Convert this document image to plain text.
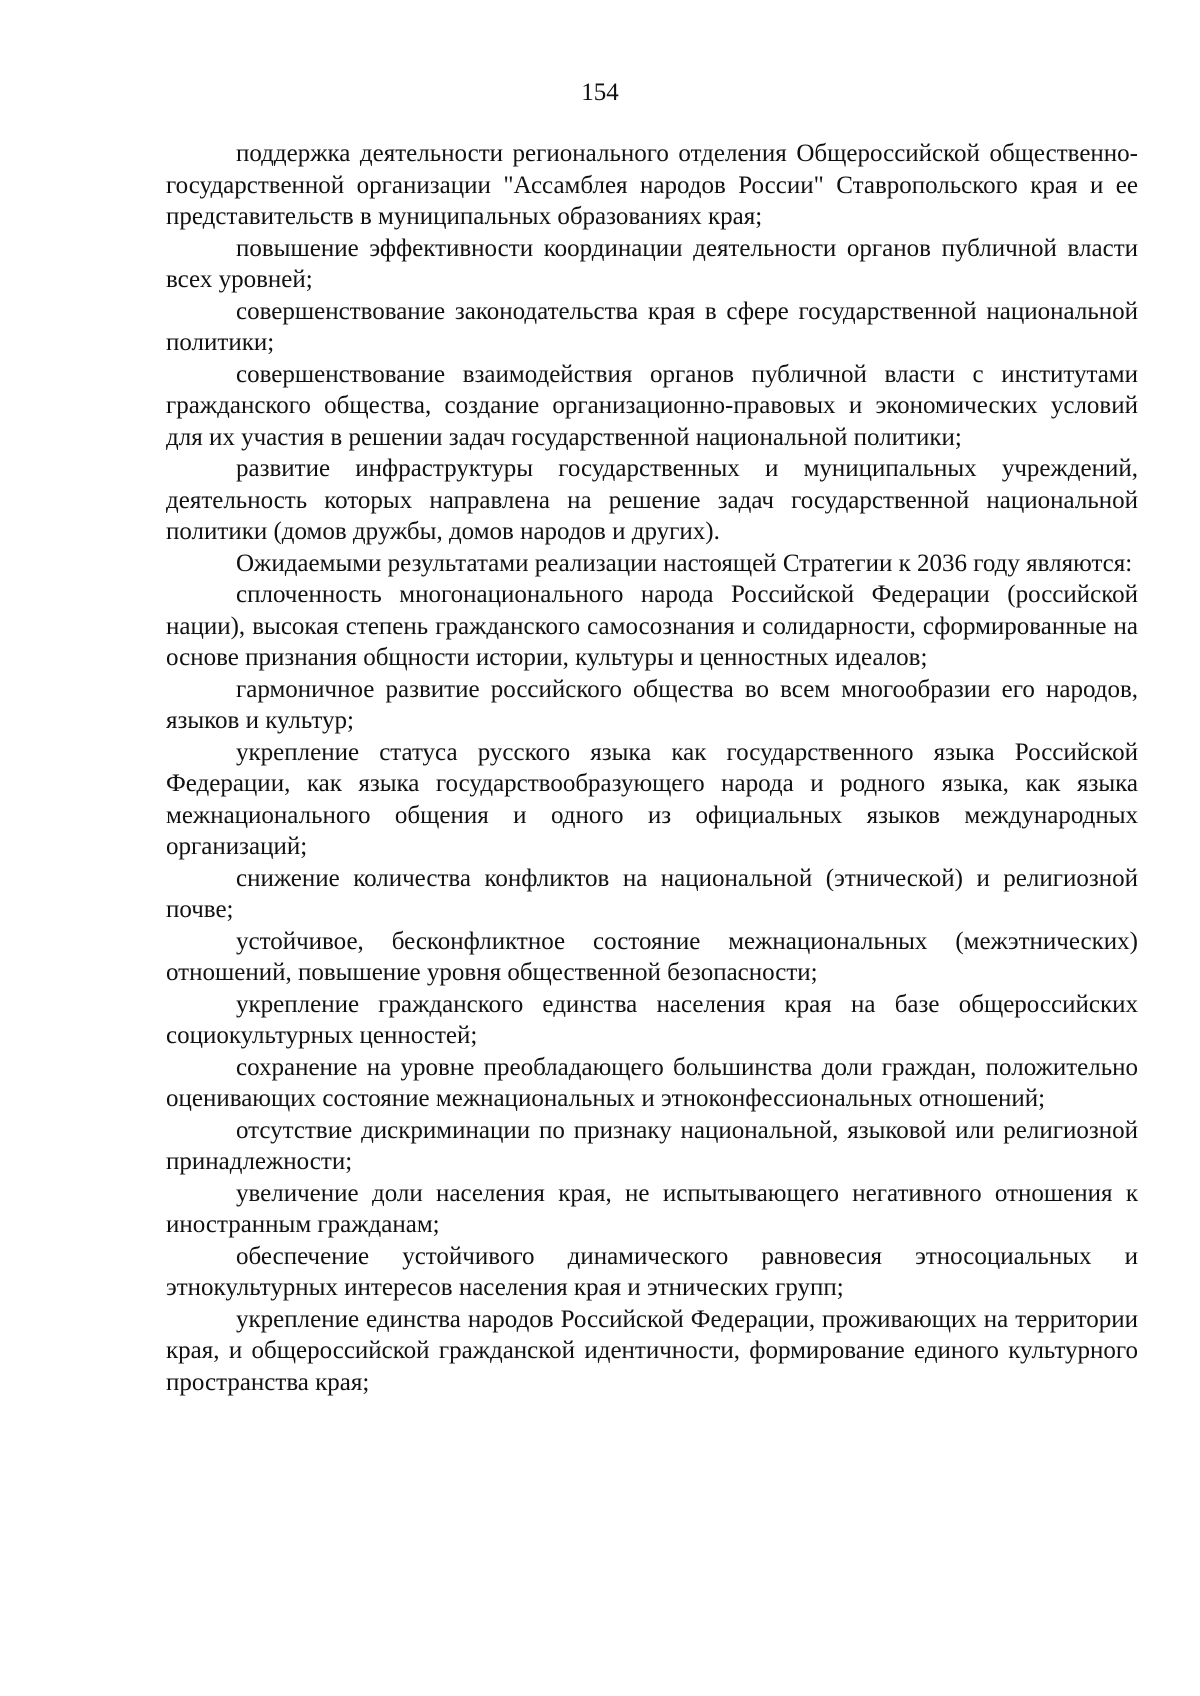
154

поддержка деятельности регионального отделения Общероссийской общественно-государственной организации "Ассамблея народов России" Ставропольского края и ее представительств в муниципальных образованиях края;

повышение эффективности координации деятельности органов публичной власти всех уровней;

совершенствование законодательства края в сфере государственной национальной политики;

совершенствование взаимодействия органов публичной власти с институтами гражданского общества, создание организационно-правовых и экономических условий для их участия в решении задач государственной национальной политики;

развитие инфраструктуры государственных и муниципальных учреждений, деятельность которых направлена на решение задач государственной национальной политики (домов дружбы, домов народов и других).

Ожидаемыми результатами реализации настоящей Стратегии к 2036 году являются:

сплоченность многонационального народа Российской Федерации (российской нации), высокая степень гражданского самосознания и солидарности, сформированные на основе признания общности истории, культуры и ценностных идеалов;

гармоничное развитие российского общества во всем многообразии его народов, языков и культур;

укрепление статуса русского языка как государственного языка Российской Федерации, как языка государствообразующего народа и родного языка, как языка межнационального общения и одного из официальных языков международных организаций;

снижение количества конфликтов на национальной (этнической) и религиозной почве;

устойчивое, бесконфликтное состояние межнациональных (межэтнических) отношений, повышение уровня общественной безопасности;

укрепление гражданского единства населения края на базе общероссийских социокультурных ценностей;

сохранение на уровне преобладающего большинства доли граждан, положительно оценивающих состояние межнациональных и этноконфессиональных отношений;

отсутствие дискриминации по признаку национальной, языковой или религиозной принадлежности;

увеличение доли населения края, не испытывающего негативного отношения к иностранным гражданам;

обеспечение устойчивого динамического равновесия этносоциальных и этнокультурных интересов населения края и этнических групп;

укрепление единства народов Российской Федерации, проживающих на территории края, и общероссийской гражданской идентичности, формирование единого культурного пространства края;
